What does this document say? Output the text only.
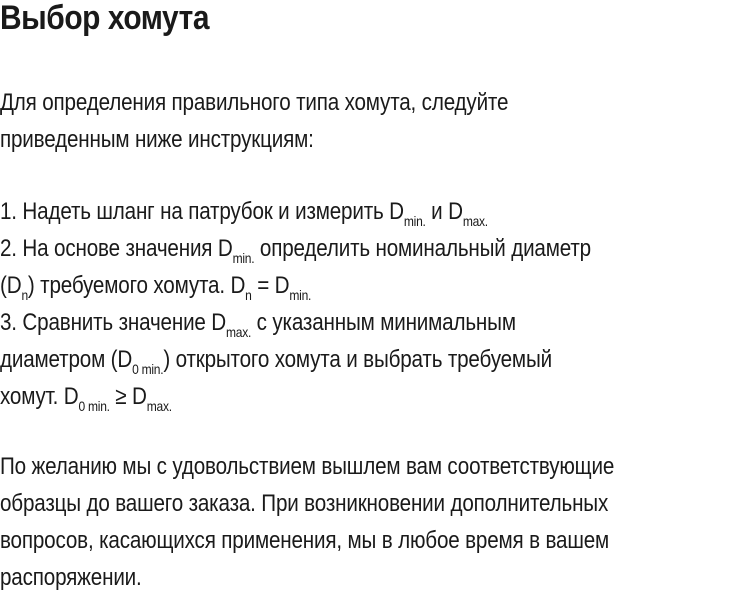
Выбор хомута
Для определения правильного типа хомута, следуйте
приведенным ниже инструкциям:
1. Надеть шланг на патрубок и измерить $D_{min.}$ и $D_{max.}$
2. На основе значения $D_{min.}$ определить номинальный диаметр
$(D_n)$ требуемого хомута. $D_n = D_{min.}$
3. Сравнить значение $D_{max.}$ с указанным минимальным
диаметром $(D_{0 min.})$ открытого хомута и выбрать требуемый
хомут. $D_{0 min.} \ge D_{max.}$
По желанию мы с удовольствием вышлем вам соответствующие
образцы до вашего заказа. При возникновении дополнительных
вопросов, касающихся применения, мы в любое время в вашем
распоряжении.
